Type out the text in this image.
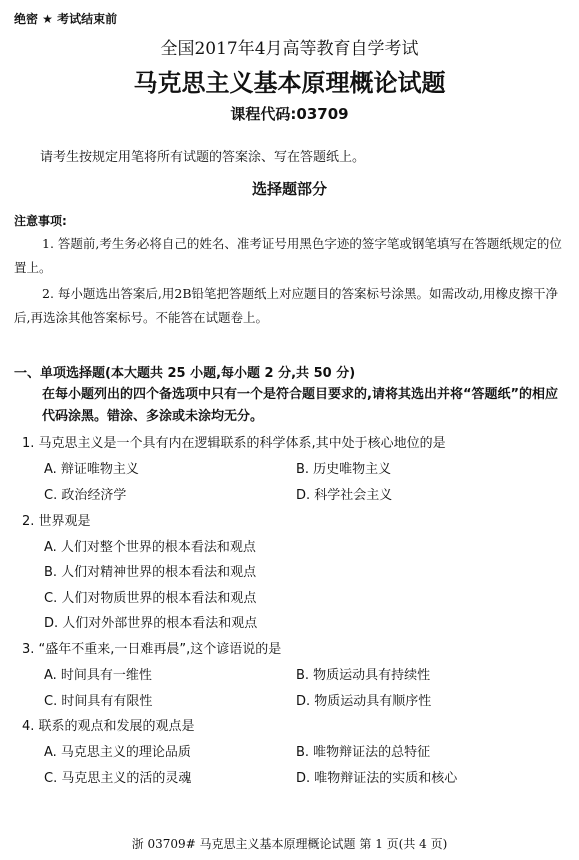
绝密 ★ 考试结束前
全国2017年4月高等教育自学考试
马克思主义基本原理概论试题
课程代码:03709
请考生按规定用笔将所有试题的答案涂、写在答题纸上。
选择题部分
注意事项:
1. 答题前,考生务必将自己的姓名、准考证号用黑色字迹的签字笔或钢笔填写在答题纸规定的位置上。
2. 每小题选出答案后,用2B铅笔把答题纸上对应题目的答案标号涂黑。如需改动,用橡皮擦干净后,再选涂其他答案标号。不能答在试题卷上。
一、单项选择题(本大题共 25 小题,每小题 2 分,共 50 分)
在每小题列出的四个备选项中只有一个是符合题目要求的,请将其选出并将“答题纸”的相应代码涂黑。错涂、多涂或未涂均无分。
1. 马克思主义是一个具有内在逻辑联系的科学体系,其中处于核心地位的是
A. 辩证唯物主义	B. 历史唯物主义
C. 政治经济学	D. 科学社会主义
2. 世界观是
A. 人们对整个世界的根本看法和观点
B. 人们对精神世界的根本看法和观点
C. 人们对物质世界的根本看法和观点
D. 人们对外部世界的根本看法和观点
3. “盛年不重来,一日难再晨”,这个谚语说的是
A. 时间具有一维性	B. 物质运动具有持续性
C. 时间具有有限性	D. 物质运动具有顺序性
4. 联系的观点和发展的观点是
A. 马克思主义的理论品质	B. 唯物辩证法的总特征
C. 马克思主义的活的灵魂	D. 唯物辩证法的实质和核心
浙 03709# 马克思主义基本原理概论试题 第 1 页(共 4 页)
